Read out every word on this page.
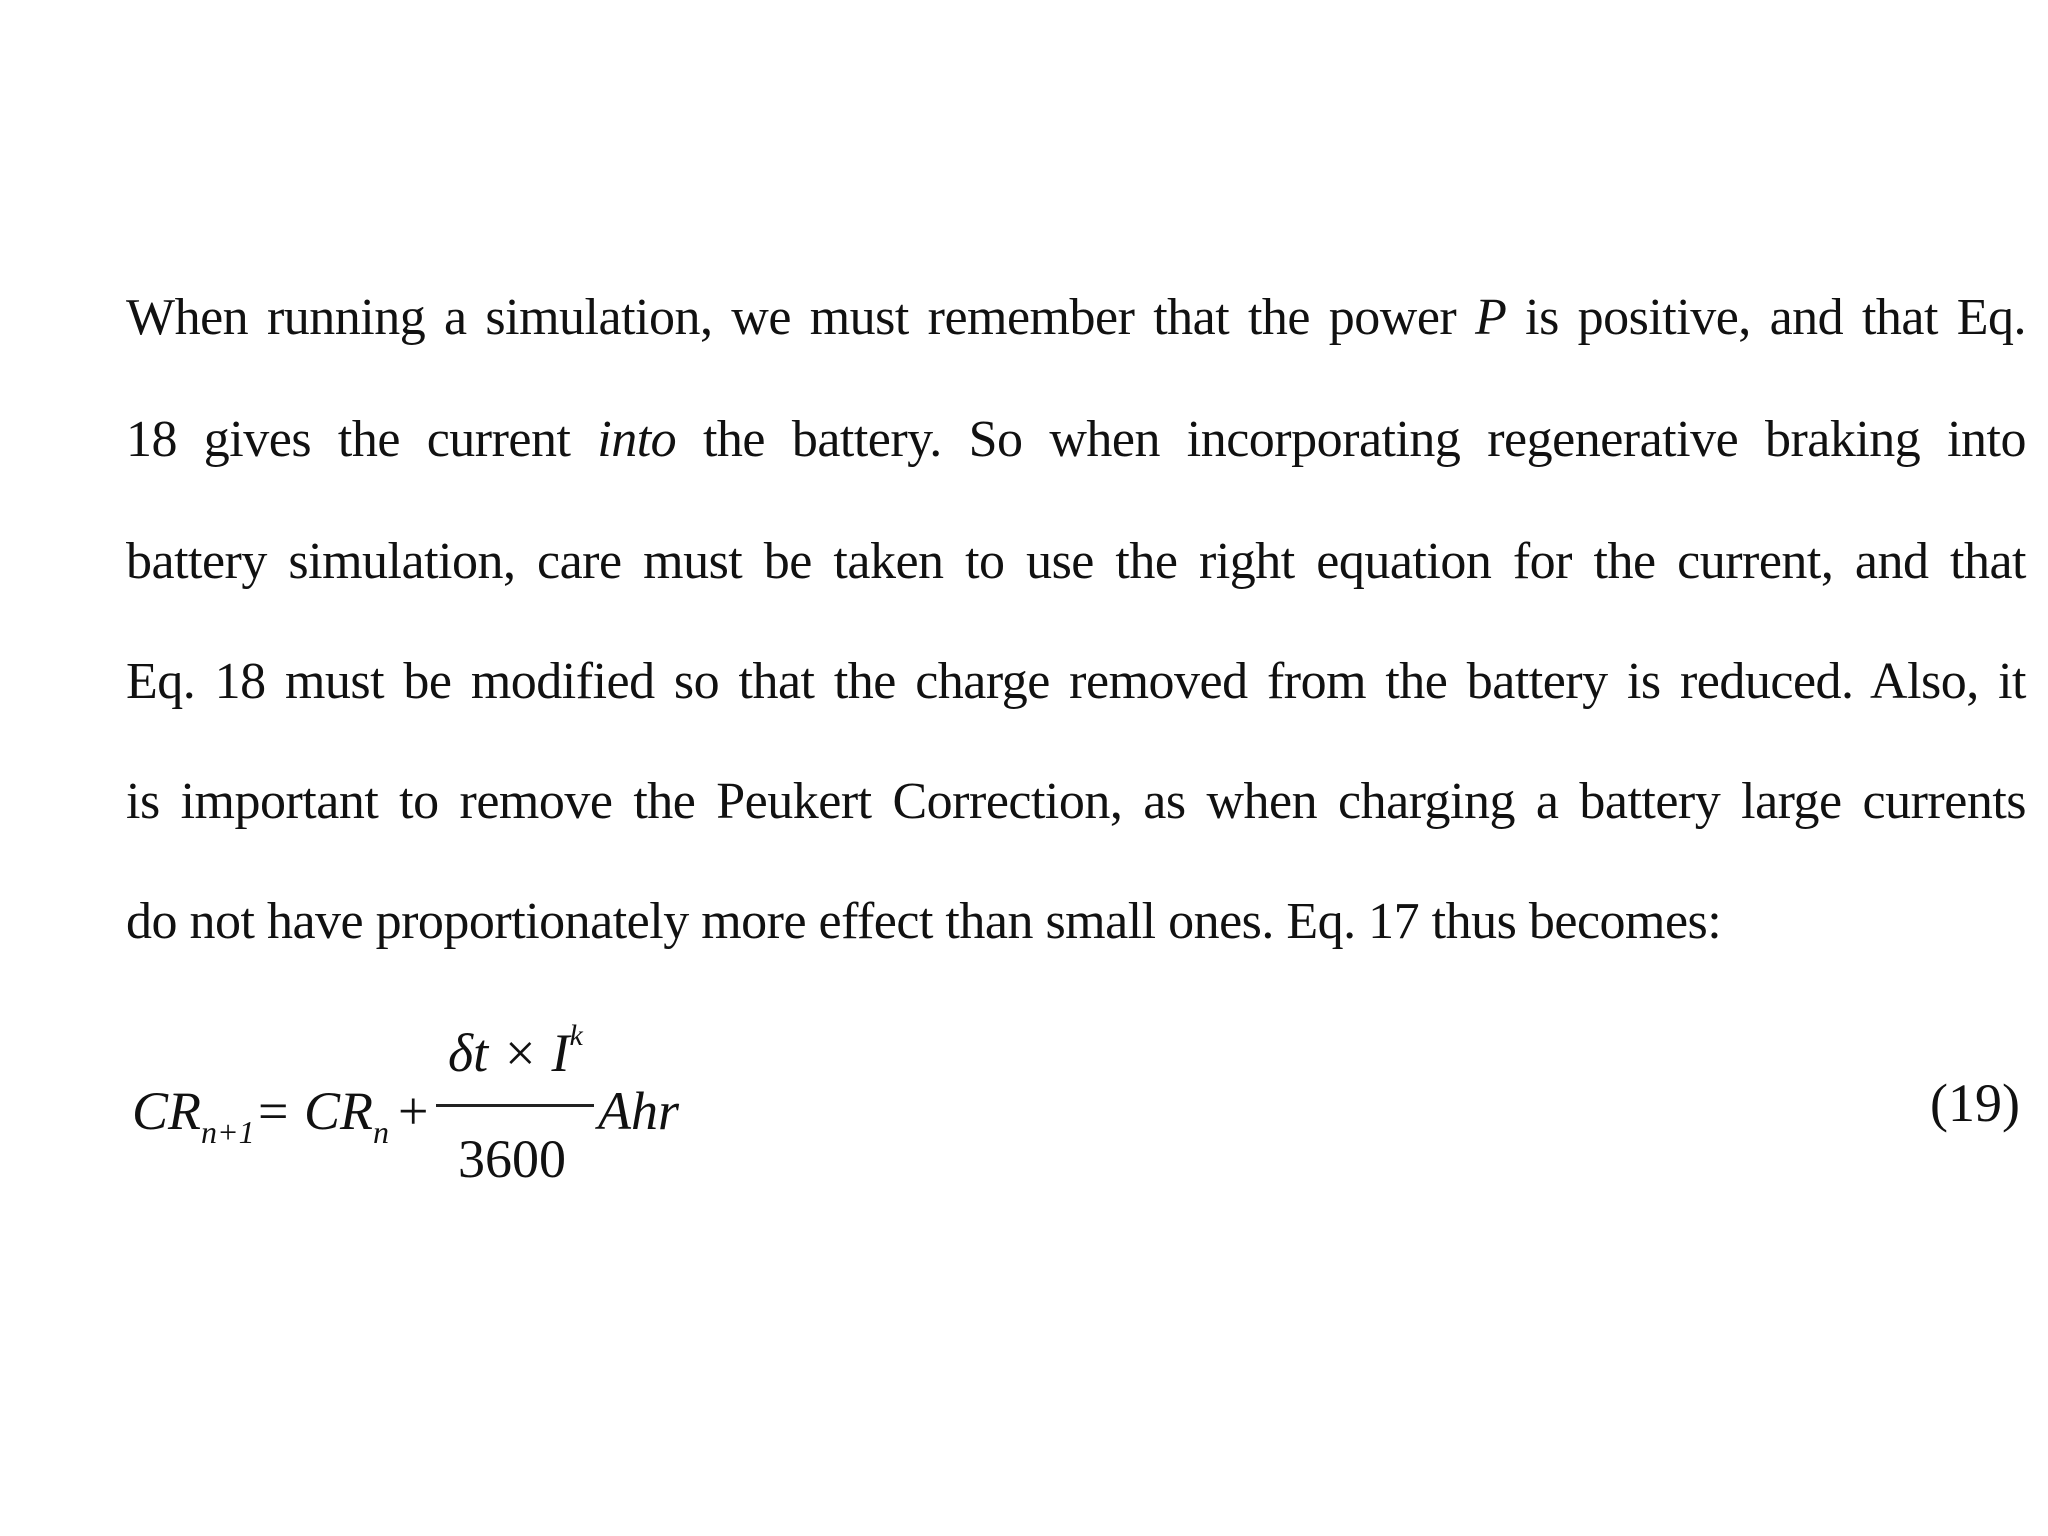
When running a simulation, we must remember that the power P is positive, and that Eq.
18 gives the current into the battery. So when incorporating regenerative braking into
battery simulation, care must be taken to use the right equation for the current, and that
Eq. 18 must be modified so that the charge removed from the battery is reduced. Also, it
is important to remove the Peukert Correction, as when charging a battery large currents
do not have proportionately more effect than small ones. Eq. 17 thus becomes:
$CR_{n+1} = CR_n$ +
$\delta t \times I^k$
3600
Ahr	(19)
